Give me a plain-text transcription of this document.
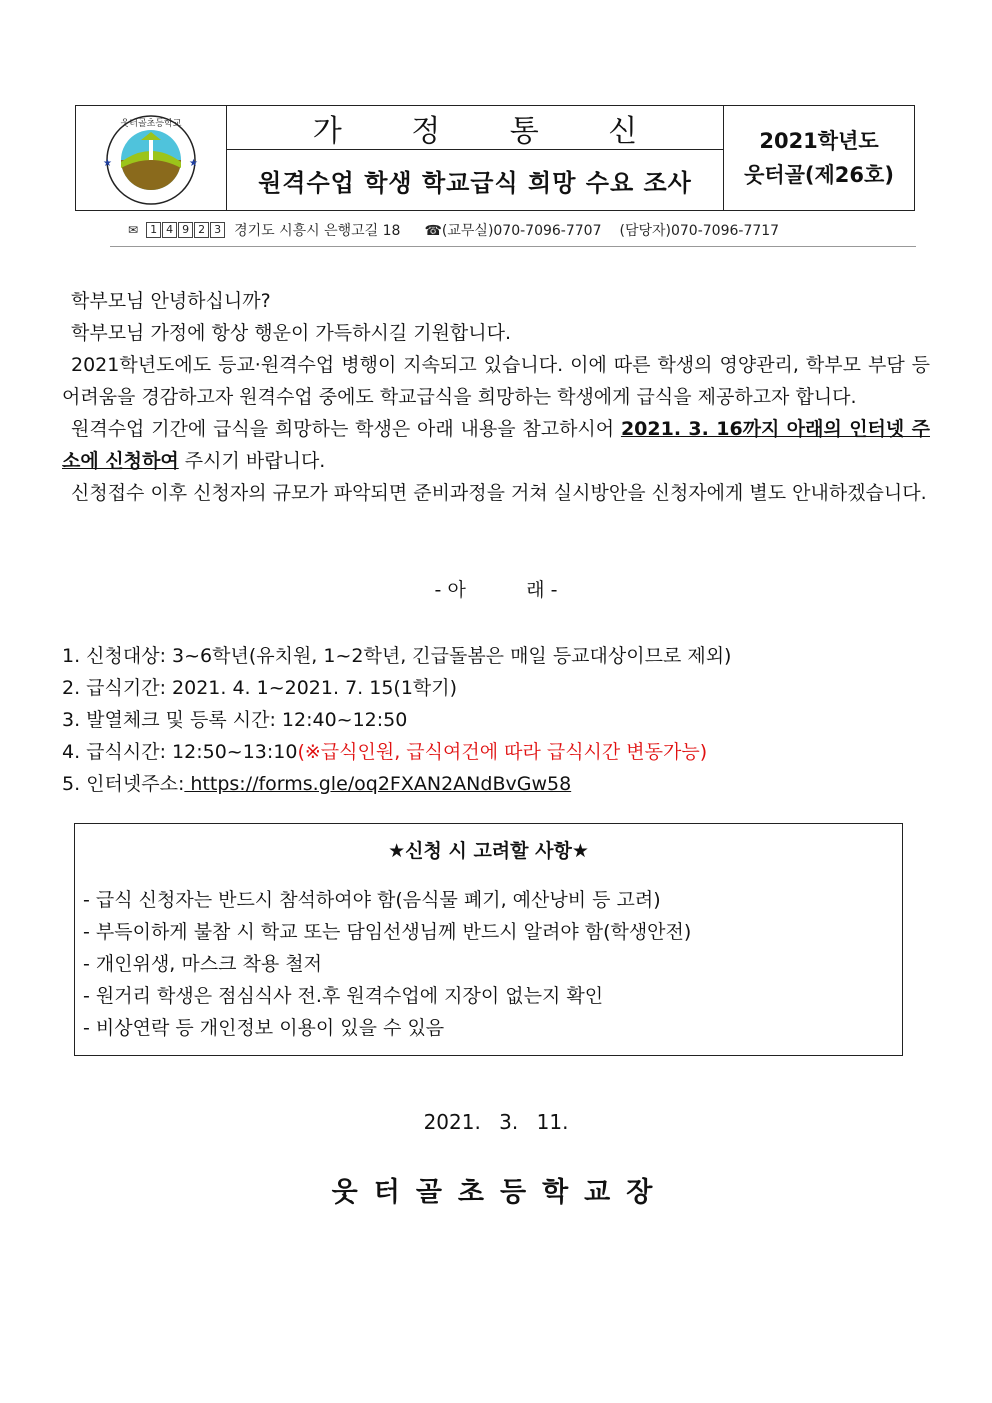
★	★
웃터골초등학교	가 정 통 신
원격수업 학생 학교급식 희망 수요 조사
2021학년도
웃터골(제26호)
✉	1 4 9 2 3 경기도 시흥시 은행고길 18 ☎(교무실)070-7096-7707 (담당자)070-7096-7717

학부모님 안녕하십니까?

학부모님 가정에 항상 행운이 가득하시길 기원합니다.

2021학년도에도 등교·원격수업 병행이 지속되고 있습니다. 이에 따른 학생의 영양관리, 학부모 부담 등 어려움을 경감하고자 원격수업 중에도 학교급식을 희망하는 학생에게 급식을 제공하고자 합니다.

원격수업 기간에 급식을 희망하는 학생은 아래 내용을 참고하시어 2021. 3. 16까지 아래의 인터넷 주소에 신청하여 주시기 바랍니다.

신청접수 이후 신청자의 규모가 파악되면 준비과정을 거쳐 실시방안을 신청자에게 별도 안내하겠습니다.

- 아          래 -
1. 신청대상: 3~6학년(유치원, 1~2학년, 긴급돌봄은 매일 등교대상이므로 제외)
2. 급식기간: 2021. 4. 1~2021. 7. 15(1학기)
3. 발열체크 및 등록 시간: 12:40~12:50
4. 급식시간: 12:50~13:10(※급식인원, 급식여건에 따라 급식시간 변동가능)
5. 인터넷주소: https://forms.gle/oq2FXAN2ANdBvGw58
★신청 시 고려할 사항★
- 급식 신청자는 반드시 참석하여야 함(음식물 폐기, 예산낭비 등 고려)
- 부득이하게 불참 시 학교 또는 담임선생님께 반드시 알려야 함(학생안전)
- 개인위생, 마스크 착용 철저
- 원거리 학생은 점심식사 전.후 원격수업에 지장이 없는지 확인
- 비상연락 등 개인정보 이용이 있을 수 있음
2021. 3. 11.
웃터골초등학교장
